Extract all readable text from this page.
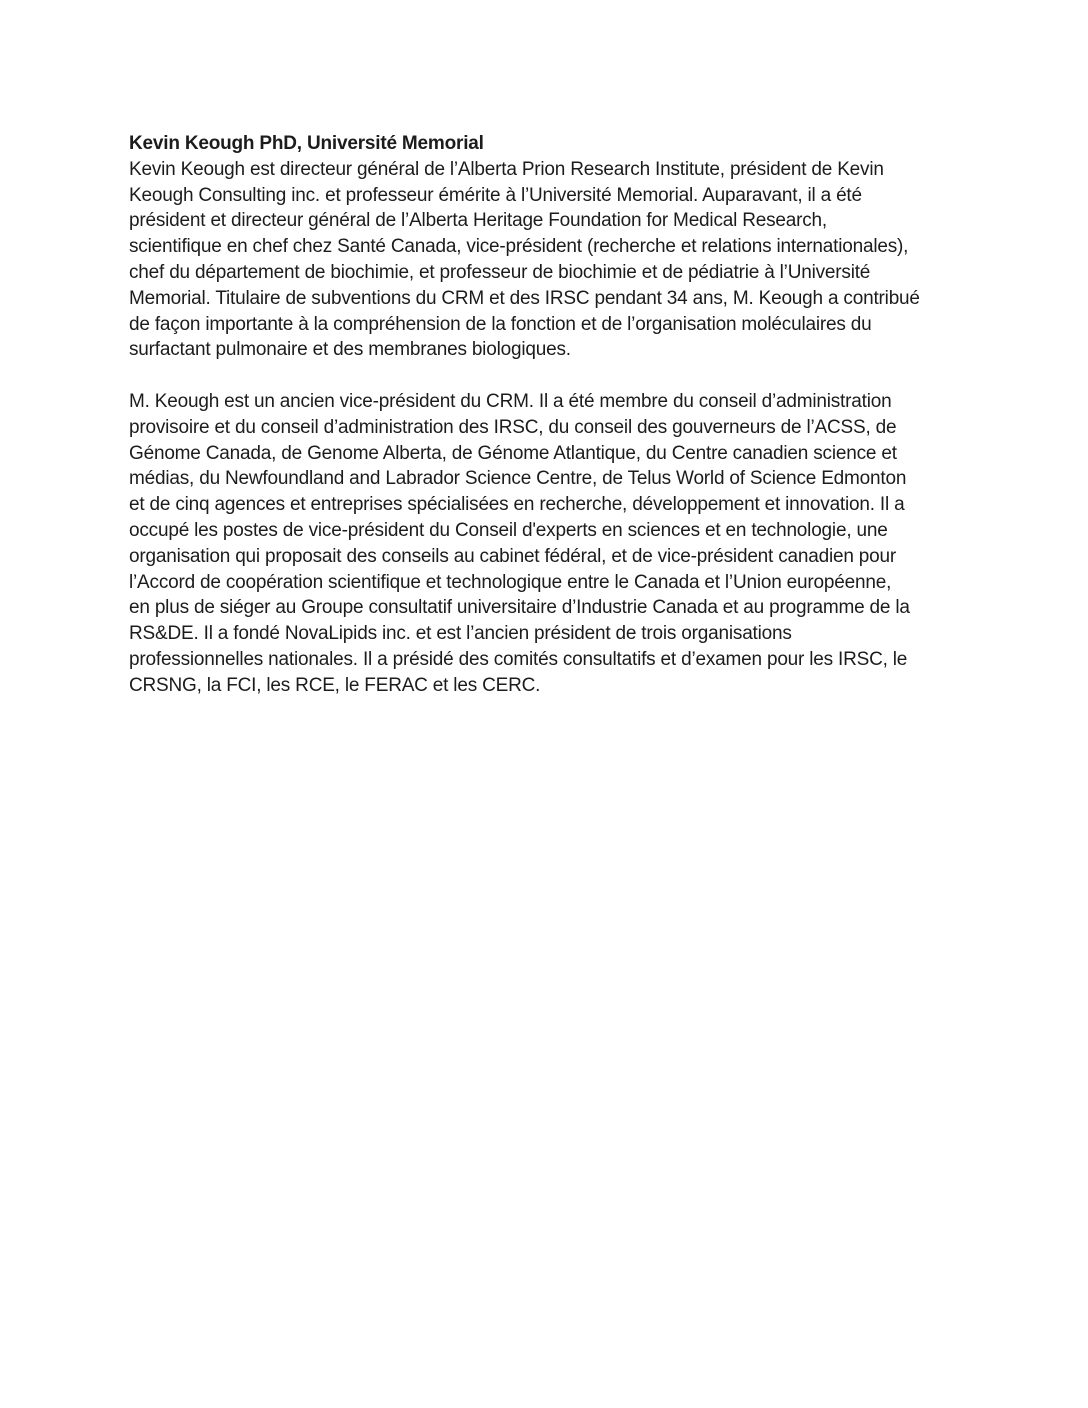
Kevin Keough PhD, Université Memorial
Kevin Keough est directeur général de l’Alberta Prion Research Institute, président de Kevin
Keough Consulting inc. et professeur émérite à l’Université Memorial. Auparavant, il a été
président et directeur général de l’Alberta Heritage Foundation for Medical Research,
scientifique en chef chez Santé Canada, vice-président (recherche et relations internationales),
chef du département de biochimie, et professeur de biochimie et de pédiatrie à l’Université
Memorial. Titulaire de subventions du CRM et des IRSC pendant 34 ans, M. Keough a contribué
de façon importante à la compréhension de la fonction et de l’organisation moléculaires du
surfactant pulmonaire et des membranes biologiques.
M. Keough est un ancien vice-président du CRM. Il a été membre du conseil d’administration
provisoire et du conseil d’administration des IRSC, du conseil des gouverneurs de l’ACSS, de
Génome Canada, de Genome Alberta, de Génome Atlantique, du Centre canadien science et
médias, du Newfoundland and Labrador Science Centre, de Telus World of Science Edmonton
et de cinq agences et entreprises spécialisées en recherche, développement et innovation. Il a
occupé les postes de vice-président du Conseil d'experts en sciences et en technologie, une
organisation qui proposait des conseils au cabinet fédéral, et de vice‑président canadien pour
l’Accord de coopération scientifique et technologique entre le Canada et l’Union européenne,
en plus de siéger au Groupe consultatif universitaire d’Industrie Canada et au programme de la
RS&DE. Il a fondé NovaLipids inc. et est l’ancien président de trois organisations
professionnelles nationales. Il a présidé des comités consultatifs et d’examen pour les IRSC, le
CRSNG, la FCI, les RCE, le FERAC et les CERC.
